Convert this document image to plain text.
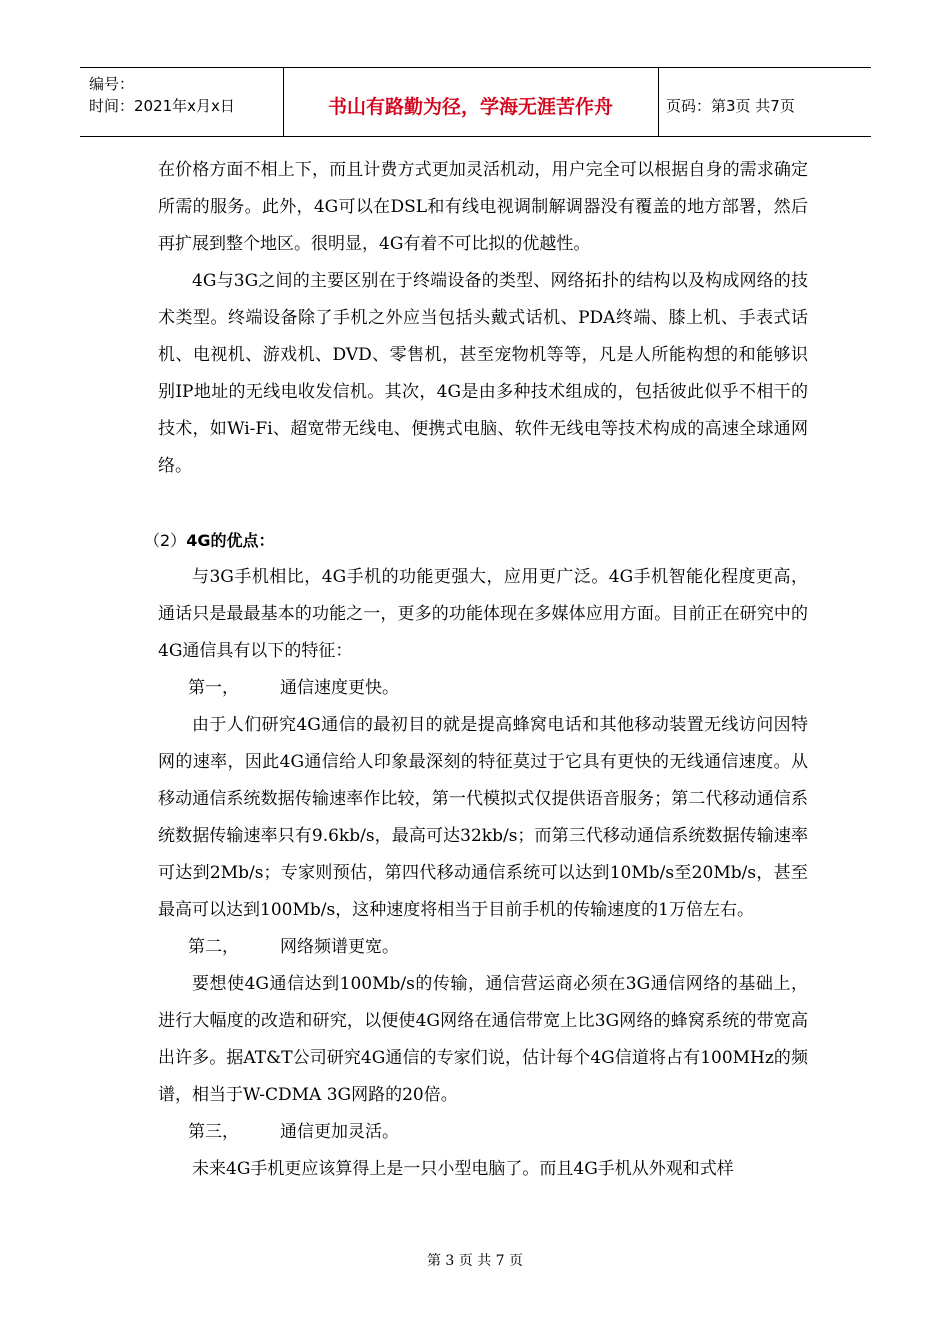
编号：
时间：2021年x月x日	书山有路勤为径，学海无涯苦作舟	页码：第3页 共7页

在价格方面不相上下，而且计费方式更加灵活机动，用户完全可以根据自身的需求确定所需的服务。此外，4G可以在DSL和有线电视调制解调器没有覆盖的地方部署，然后再扩展到整个地区。很明显，4G有着不可比拟的优越性。

4G与3G之间的主要区别在于终端设备的类型、网络拓扑的结构以及构成网络的技术类型。终端设备除了手机之外应当包括头戴式话机、PDA终端、膝上机、手表式话机、电视机、游戏机、DVD、零售机，甚至宠物机等等，凡是人所能构想的和能够识别IP地址的无线电收发信机。其次，4G是由多种技术组成的，包括彼此似乎不相干的技术，如Wi-Fi、超宽带无线电、便携式电脑、软件无线电等技术构成的高速全球通网络。

（2）4G的优点：

与3G手机相比，4G手机的功能更强大，应用更广泛。4G手机智能化程度更高，通话只是最最基本的功能之一，更多的功能体现在多媒体应用方面。目前正在研究中的4G通信具有以下的特征：

第一， 通信速度更快。

由于人们研究4G通信的最初目的就是提高蜂窝电话和其他移动装置无线访问因特网的速率，因此4G通信给人印象最深刻的特征莫过于它具有更快的无线通信速度。从移动通信系统数据传输速率作比较，第一代模拟式仅提供语音服务；第二代移动通信系统数据传输速率只有9.6kb/s，最高可达32kb/s；而第三代移动通信系统数据传输速率可达到2Mb/s；专家则预估，第四代移动通信系统可以达到10Mb/s至20Mb/s，甚至最高可以达到100Mb/s，这种速度将相当于目前手机的传输速度的1万倍左右。

第二， 网络频谱更宽。

要想使4G通信达到100Mb/s的传输，通信营运商必须在3G通信网络的基础上，进行大幅度的改造和研究，以便使4G网络在通信带宽上比3G网络的蜂窝系统的带宽高出许多。据AT&T公司研究4G通信的专家们说，估计每个4G信道将占有100MHz的频谱，相当于W-CDMA 3G网路的20倍。

第三， 通信更加灵活。

未来4G手机更应该算得上是一只小型电脑了。而且4G手机从外观和式样

第 3 页 共 7 页
